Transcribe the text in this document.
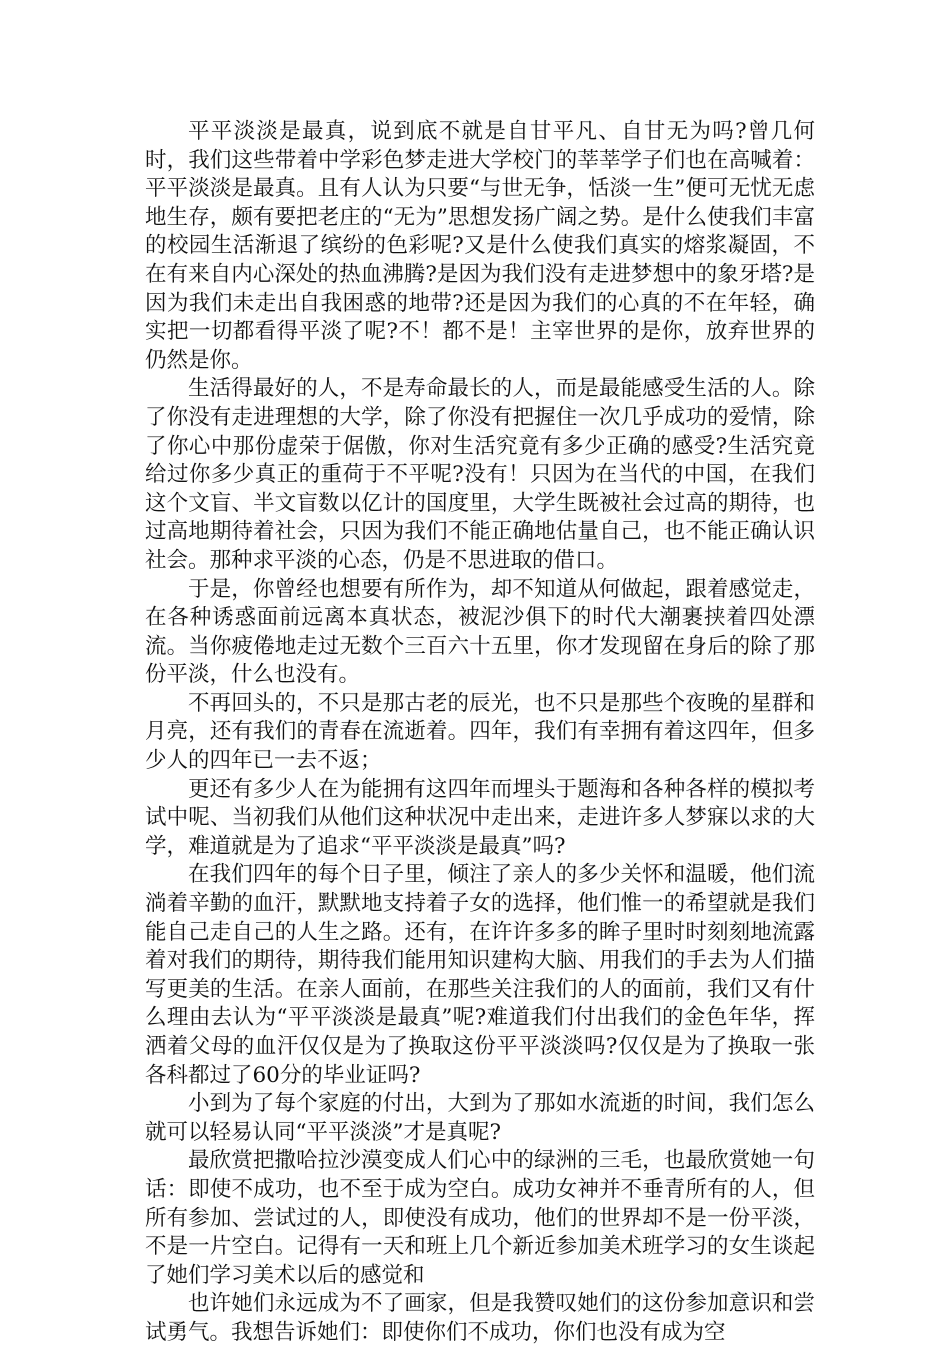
平平淡淡是最真，说到底不就是自甘平凡、自甘无为吗?曾几何时，我们这些带着中学彩色梦走进大学校门的莘莘学子们也在高喊着：平平淡淡是最真。且有人认为只要“与世无争，恬淡一生”便可无忧无虑地生存，颇有要把老庄的“无为”思想发扬广阔之势。是什么使我们丰富的校园生活渐退了缤纷的色彩呢?又是什么使我们真实的熔浆凝固，不在有来自内心深处的热血沸腾?是因为我们没有走进梦想中的象牙塔?是因为我们未走出自我困惑的地带?还是因为我们的心真的不在年轻，确实把一切都看得平淡了呢?不！都不是！主宰世界的是你，放弃世界的仍然是你。

生活得最好的人，不是寿命最长的人，而是最能感受生活的人。除了你没有走进理想的大学，除了你没有把握住一次几乎成功的爱情，除了你心中那份虚荣于倨傲，你对生活究竟有多少正确的感受?生活究竟给过你多少真正的重荷于不平呢?没有！只因为在当代的中国，在我们这个文盲、半文盲数以亿计的国度里，大学生既被社会过高的期待，也过高地期待着社会，只因为我们不能正确地估量自己，也不能正确认识社会。那种求平淡的心态，仍是不思进取的借口。

于是，你曾经也想要有所作为，却不知道从何做起，跟着感觉走，在各种诱惑面前远离本真状态，被泥沙俱下的时代大潮裹挟着四处漂流。当你疲倦地走过无数个三百六十五里，你才发现留在身后的除了那份平淡，什么也没有。

不再回头的，不只是那古老的辰光，也不只是那些个夜晚的星群和月亮，还有我们的青春在流逝着。四年，我们有幸拥有着这四年，但多少人的四年已一去不返；

更还有多少人在为能拥有这四年而埋头于题海和各种各样的模拟考试中呢、当初我们从他们这种状况中走出来，走进许多人梦寐以求的大学，难道就是为了追求“平平淡淡是最真”吗?

在我们四年的每个日子里，倾注了亲人的多少关怀和温暖，他们流淌着辛勤的血汗，默默地支持着子女的选择，他们惟一的希望就是我们能自己走自己的人生之路。还有，在许许多多的眸子里时时刻刻地流露着对我们的期待，期待我们能用知识建构大脑、用我们的手去为人们描写更美的生活。在亲人面前，在那些关注我们的人的面前，我们又有什么理由去认为“平平淡淡是最真”呢?难道我们付出我们的金色年华，挥洒着父母的血汗仅仅是为了换取这份平平淡淡吗?仅仅是为了换取一张各科都过了60分的毕业证吗?

小到为了每个家庭的付出，大到为了那如水流逝的时间，我们怎么就可以轻易认同“平平淡淡”才是真呢?

最欣赏把撒哈拉沙漠变成人们心中的绿洲的三毛，也最欣赏她一句话：即使不成功，也不至于成为空白。成功女神并不垂青所有的人，但所有参加、尝试过的人，即使没有成功，他们的世界却不是一份平淡，不是一片空白。记得有一天和班上几个新近参加美术班学习的女生谈起了她们学习美术以后的感觉和

也许她们永远成为不了画家，但是我赞叹她们的这份参加意识和尝试勇气。我想告诉她们：即使你们不成功，你们也没有成为空
